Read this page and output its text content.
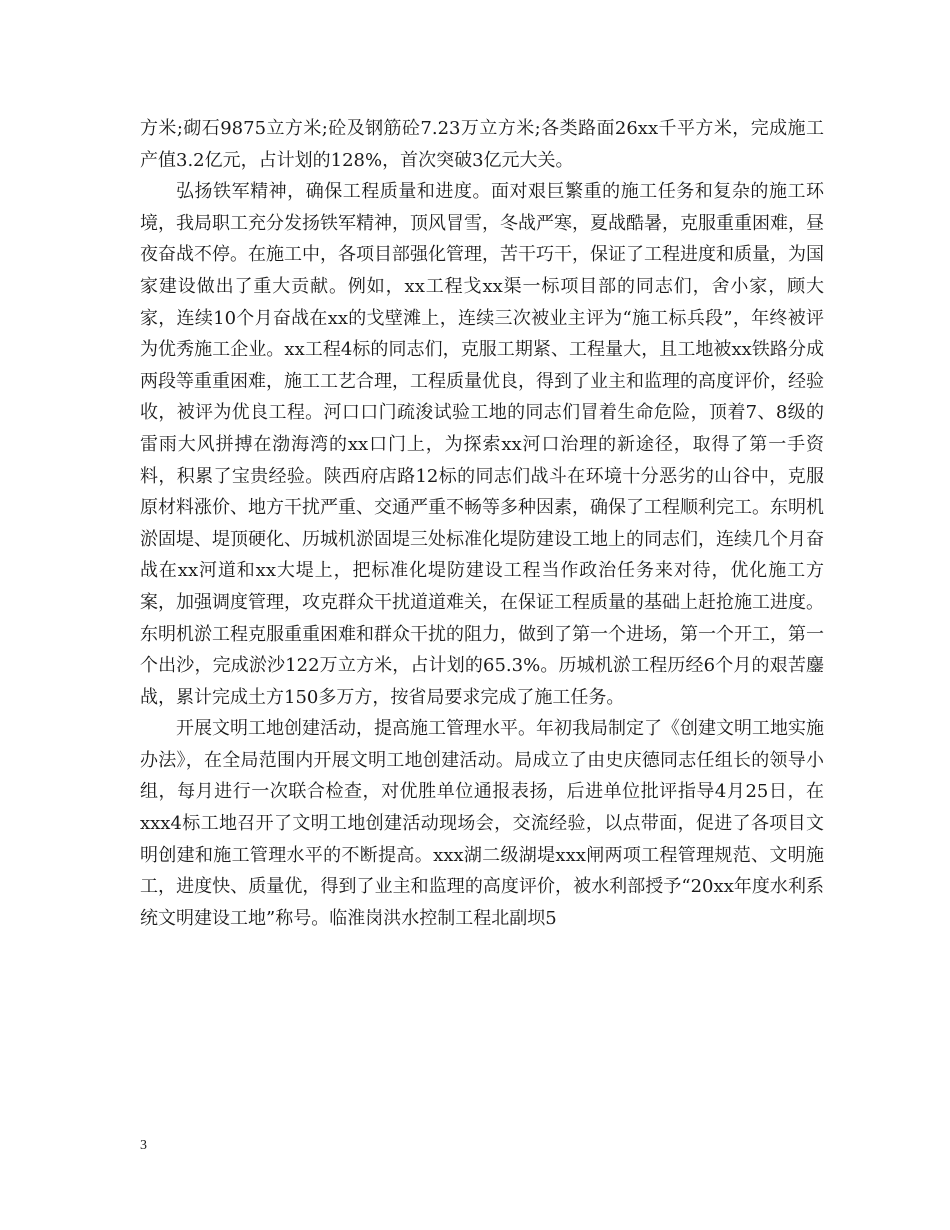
方米;砌石9875立方米;砼及钢筋砼7.23万立方米;各类路面26xx千平方米，完成施工产值3.2亿元，占计划的128%，首次突破3亿元大关。

弘扬铁军精神，确保工程质量和进度。面对艰巨繁重的施工任务和复杂的施工环境，我局职工充分发扬铁军精神，顶风冒雪，冬战严寒，夏战酷暑，克服重重困难，昼夜奋战不停。在施工中，各项目部强化管理，苦干巧干，保证了工程进度和质量，为国家建设做出了重大贡献。例如，xx工程戈xx渠一标项目部的同志们，舍小家，顾大家，连续10个月奋战在xx的戈壁滩上，连续三次被业主评为“施工标兵段”，年终被评为优秀施工企业。xx工程4标的同志们，克服工期紧、工程量大，且工地被xx铁路分成两段等重重困难，施工工艺合理，工程质量优良，得到了业主和监理的高度评价，经验收，被评为优良工程。河口口门疏浚试验工地的同志们冒着生命危险，顶着7、8级的雷雨大风拼搏在渤海湾的xx口门上，为探索xx河口治理的新途径，取得了第一手资料，积累了宝贵经验。陕西府店路12标的同志们战斗在环境十分恶劣的山谷中，克服原材料涨价、地方干扰严重、交通严重不畅等多种因素，确保了工程顺利完工。东明机淤固堤、堤顶硬化、历城机淤固堤三处标准化堤防建设工地上的同志们，连续几个月奋战在xx河道和xx大堤上，把标准化堤防建设工程当作政治任务来对待，优化施工方案，加强调度管理，攻克群众干扰道道难关，在保证工程质量的基础上赶抢施工进度。东明机淤工程克服重重困难和群众干扰的阻力，做到了第一个进场，第一个开工，第一个出沙，完成淤沙122万立方米，占计划的65.3%。历城机淤工程历经6个月的艰苦鏖战，累计完成土方150多万方，按省局要求完成了施工任务。

开展文明工地创建活动，提高施工管理水平。年初我局制定了《创建文明工地实施办法》，在全局范围内开展文明工地创建活动。局成立了由史庆德同志任组长的领导小组，每月进行一次联合检查，对优胜单位通报表扬，后进单位批评指导4月25日，在xxx4标工地召开了文明工地创建活动现场会，交流经验，以点带面，促进了各项目文明创建和施工管理水平的不断提高。xxx湖二级湖堤xxx闸两项工程管理规范、文明施工，进度快、质量优，得到了业主和监理的高度评价，被水利部授予“20xx年度水利系统文明建设工地”称号。临淮岗洪水控制工程北副坝5

3
